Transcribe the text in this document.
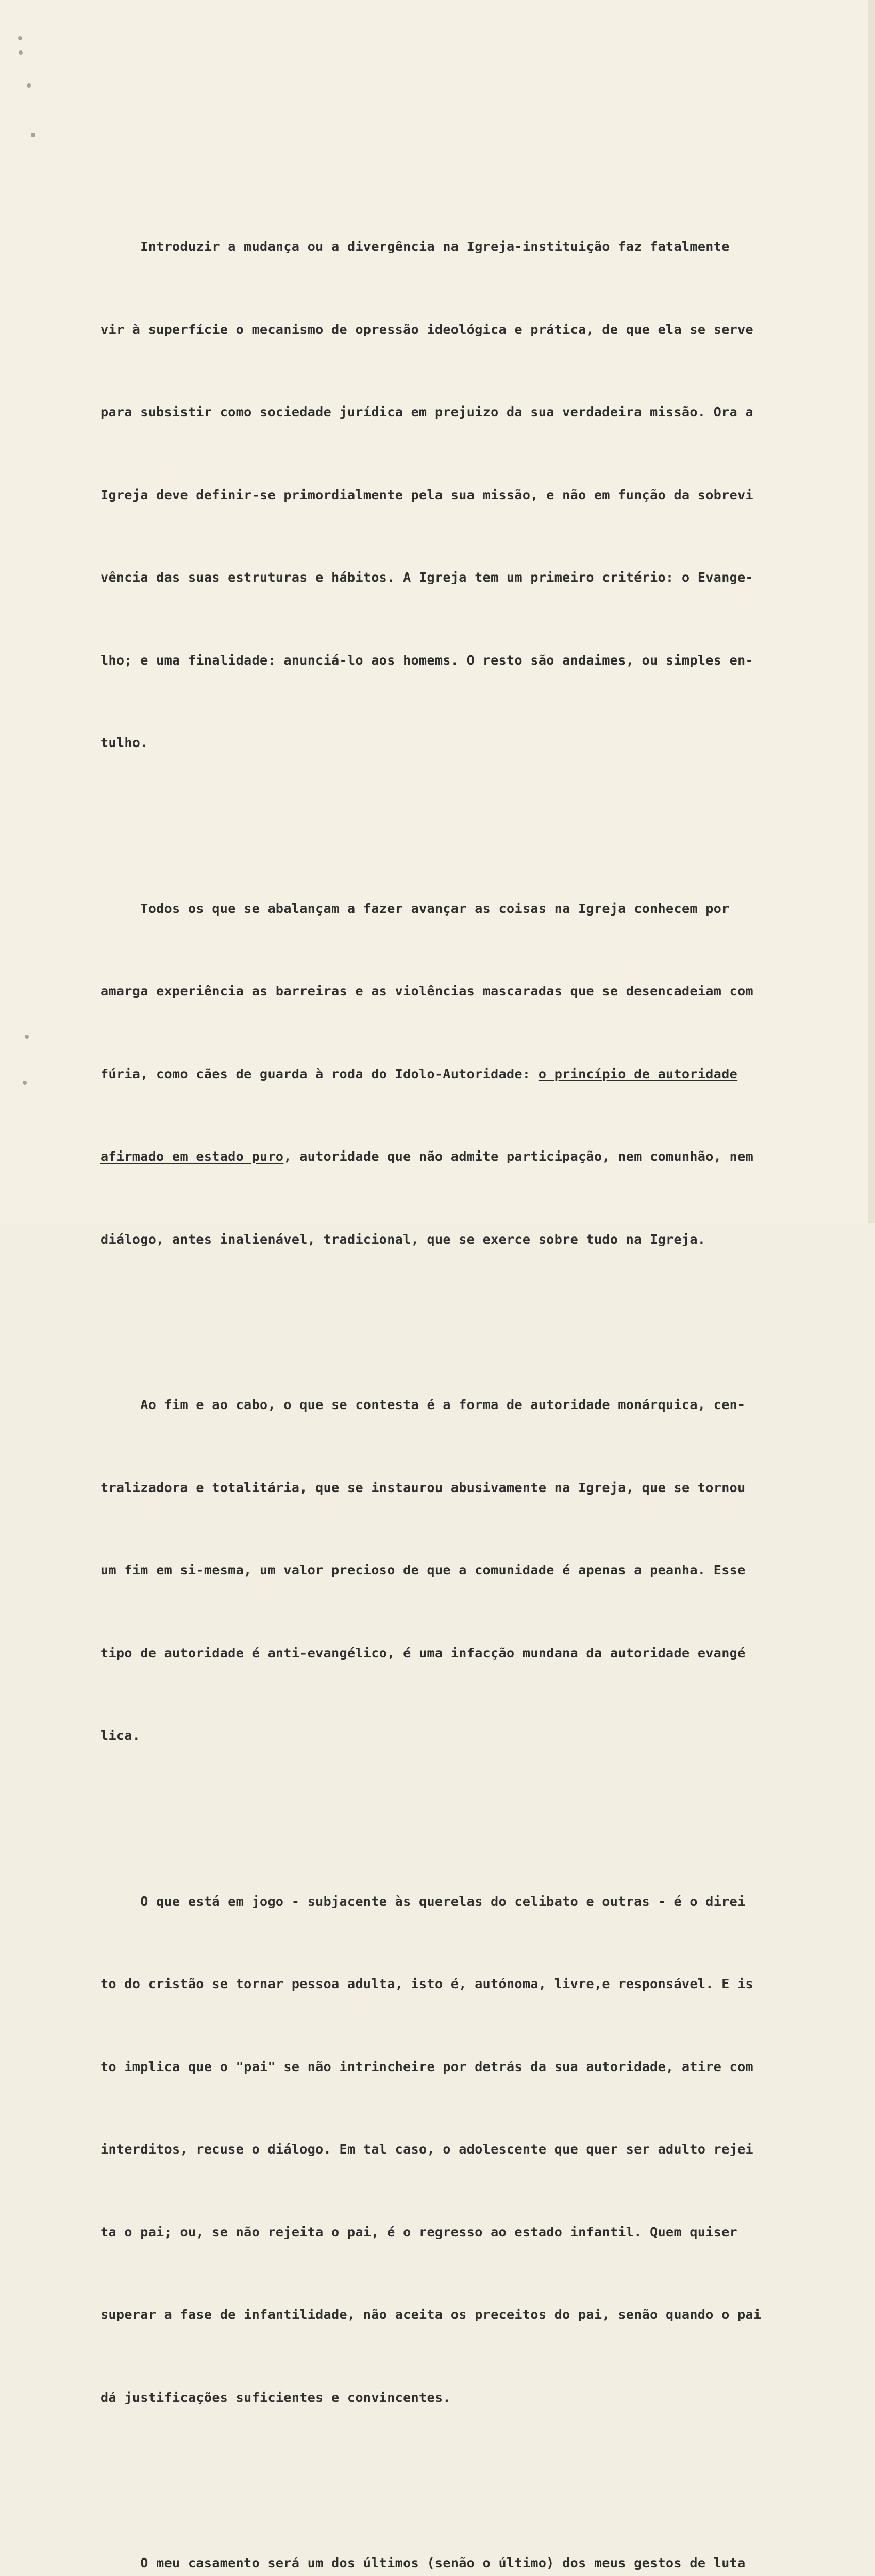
Introduzir a mudança ou a divergência na Igreja-instituição faz fatalmente

vir à superfície o mecanismo de opressão ideológica e prática, de que ela se serve

para subsistir como sociedade jurídica em prejuizo da sua verdadeira missão. Ora a

Igreja deve definir-se primordialmente pela sua missão, e não em função da sobrevi

vência das suas estruturas e hábitos. A Igreja tem um primeiro critério: o Evange-

lho; e uma finalidade: anunciá-lo aos homems. O resto são andaimes, ou simples en-

tulho.

Todos os que se abalançam a fazer avançar as coisas na Igreja conhecem por

amarga experiência as barreiras e as violências mascaradas que se desencadeiam com

fúria, como cães de guarda à roda do Idolo-Autoridade: o princípio de autoridade

afirmado em estado puro, autoridade que não admite participação, nem comunhão, nem

diálogo, antes inalienável, tradicional, que se exerce sobre tudo na Igreja.

Ao fim e ao cabo, o que se contesta é a forma de autoridade monárquica, cen-

tralizadora e totalitária, que se instaurou abusivamente na Igreja, que se tornou

um fim em si-mesma, um valor precioso de que a comunidade é apenas a peanha. Esse

tipo de autoridade é anti-evangélico, é uma infacção mundana da autoridade evangé

lica.

O que está em jogo - subjacente às querelas do celibato e outras - é o direi

to do cristão se tornar pessoa adulta, isto é, autónoma, livre,e responsável. E is

to implica que o "pai" se não intrincheire por detrás da sua autoridade, atire com

interditos, recuse o diálogo. Em tal caso, o adolescente que quer ser adulto rejei

ta o pai; ou, se não rejeita o pai, é o regresso ao estado infantil. Quem quiser

superar a fase de infantilidade, não aceita os preceitos do pai, senão quando o pai

dá justificações suficientes e convincentes.

O meu casamento será um dos últimos (senão o último) dos meus gestos de luta
